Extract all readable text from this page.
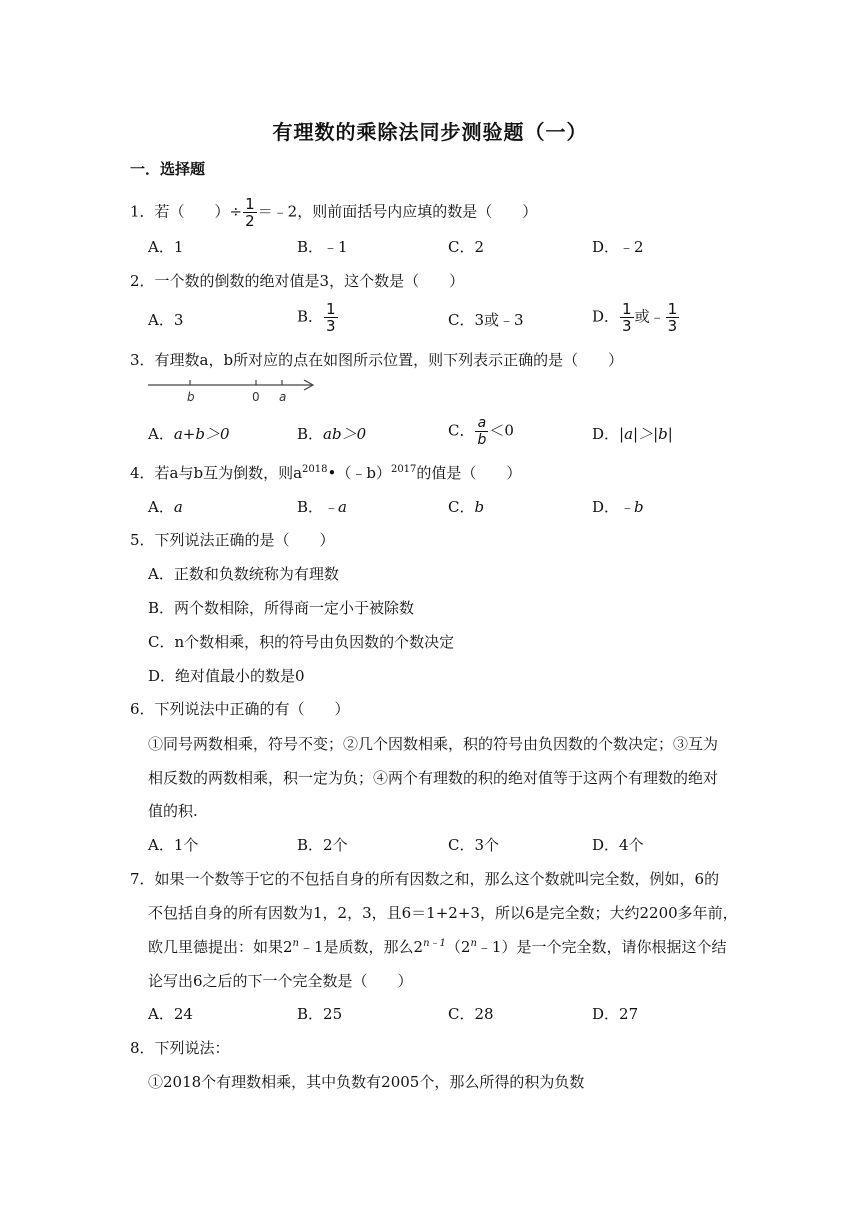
有理数的乘除法同步测验题（一）
一．选择题
1．若（　　）÷ $\frac{1}{2}$ ＝﹣2，则前面括号内应填的数是（　　）
A．1	B．﹣1	C．2	D．﹣2
2．一个数的倒数的绝对值是3，这个数是（　　）
A．3	B． $\frac{1}{3}$	C．3或﹣3	D． $\frac{1}{3}$ 或﹣ $\frac{1}{3}$
3．有理数a，b所对应的点在如图所示位置，则下列表示正确的是（　　）
b	0 a
A．a+b＞0	B．ab＞0	C． $\frac{a}{b} <0$	D．|a|＞|b|
4．若a与b互为倒数，则$a^{2018}•(﹣b)^{2017}$的值是（　　）
A．a	B．﹣a	C．b	D．﹣b
5．下列说法正确的是（　　）
A．正数和负数统称为有理数
B．两个数相除，所得商一定小于被除数
C．n个数相乘，积的符号由负因数的个数决定
D．绝对值最小的数是0
6．下列说法中正确的有（　　）
①同号两数相乘，符号不变；②几个因数相乘，积的符号由负因数的个数决定；③互为
相反数的两数相乘，积一定为负；④两个有理数的积的绝对值等于这两个有理数的绝对
值的积.
A．1个	B．2个	C．3个	D．4个
7．如果一个数等于它的不包括自身的所有因数之和，那么这个数就叫完全数，例如，6的
不包括自身的所有因数为1，2，3，且6＝1+2+3，所以6是完全数；大约2200多年前，
欧几里德提出：如果2$^n$﹣1是质数，那么$2^{n﹣1}(2^n﹣1)$是一个完全数，请你根据这个结
论写出6之后的下一个完全数是（　　）
A．24	B．25	C．28	D．27
8．下列说法：
①2018个有理数相乘，其中负数有2005个，那么所得的积为负数
